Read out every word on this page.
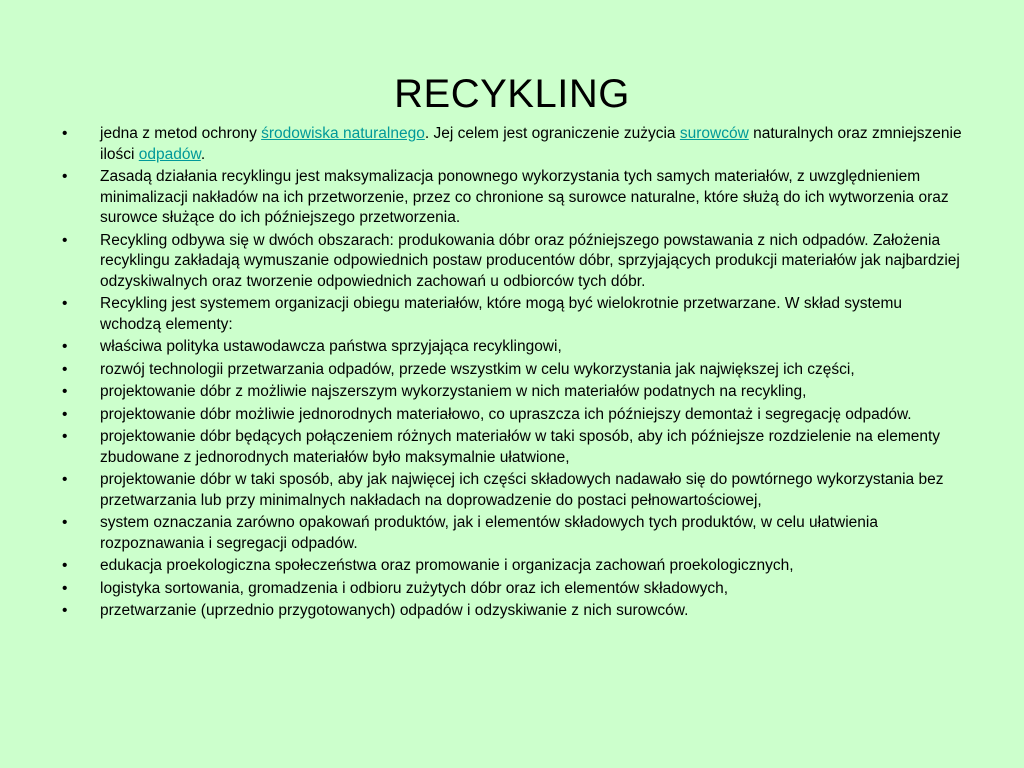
RECYKLING
•	jedna z metod ochrony środowiska naturalnego. Jej celem jest ograniczenie zużycia surowców naturalnych oraz zmniejszenie ilości odpadów.
•	Zasadą działania recyklingu jest maksymalizacja ponownego wykorzystania tych samych materiałów, z uwzględnieniem minimalizacji nakładów na ich przetworzenie, przez co chronione są surowce naturalne, które służą do ich wytworzenia oraz surowce służące do ich późniejszego przetworzenia.
•	Recykling odbywa się w dwóch obszarach: produkowania dóbr oraz późniejszego powstawania z nich odpadów. Założenia recyklingu zakładają wymuszanie odpowiednich postaw producentów dóbr, sprzyjających produkcji materiałów jak najbardziej odzyskiwalnych oraz tworzenie odpowiednich zachowań u odbiorców tych dóbr.
•	Recykling jest systemem organizacji obiegu materiałów, które mogą być wielokrotnie przetwarzane. W skład systemu wchodzą elementy:
•	właściwa polityka ustawodawcza państwa sprzyjająca recyklingowi,
•	rozwój technologii przetwarzania odpadów, przede wszystkim w celu wykorzystania jak największej ich części,
•	projektowanie dóbr z możliwie najszerszym wykorzystaniem w nich materiałów podatnych na recykling,
•	projektowanie dóbr możliwie jednorodnych materiałowo, co upraszcza ich późniejszy demontaż i segregację odpadów.
•	projektowanie dóbr będących połączeniem różnych materiałów w taki sposób, aby ich późniejsze rozdzielenie na elementy zbudowane z jednorodnych materiałów było maksymalnie ułatwione,
•	projektowanie dóbr w taki sposób, aby jak najwięcej ich części składowych nadawało się do powtórnego wykorzystania bez przetwarzania lub przy minimalnych nakładach na doprowadzenie do postaci pełnowartościowej,
•	system oznaczania zarówno opakowań produktów, jak i elementów składowych tych produktów, w celu ułatwienia rozpoznawania i segregacji odpadów.
•	edukacja proekologiczna społeczeństwa oraz promowanie i organizacja zachowań proekologicznych,
•	logistyka sortowania, gromadzenia i odbioru zużytych dóbr oraz ich elementów składowych,
•	przetwarzanie (uprzednio przygotowanych) odpadów i odzyskiwanie z nich surowców.
